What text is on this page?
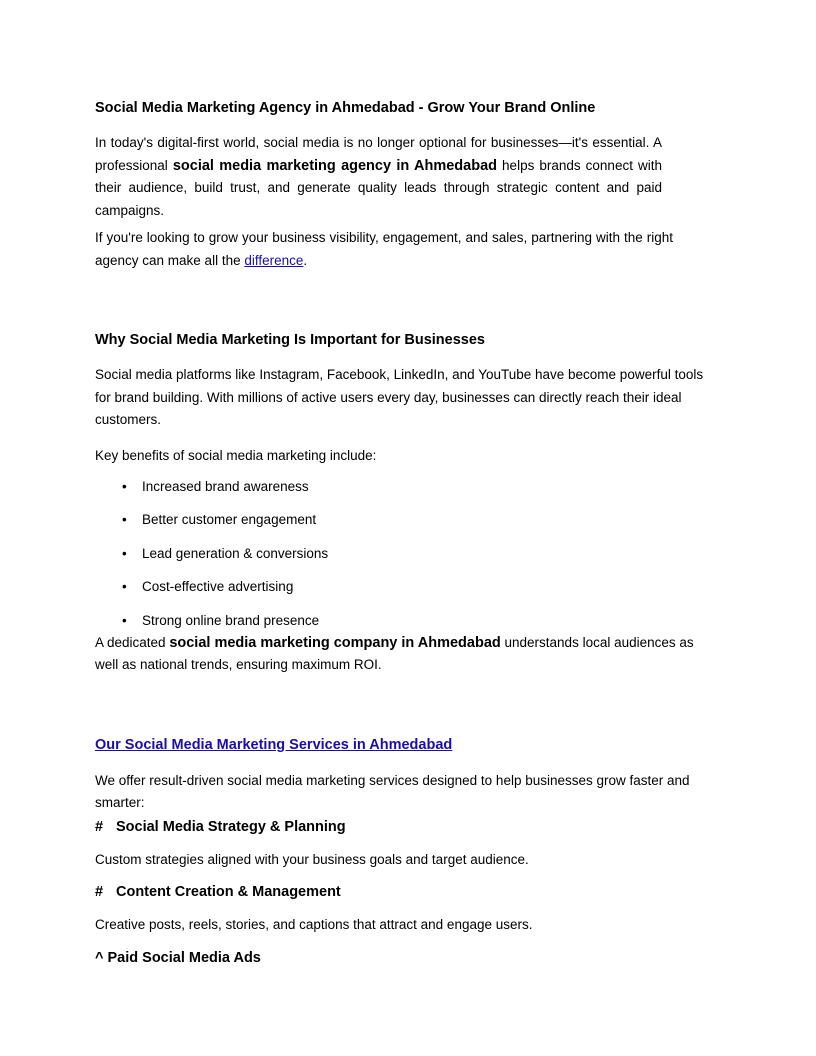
Social Media Marketing Agency in Ahmedabad - Grow Your Brand Online

In today's digital-first world, social media is no longer optional for businesses—it's essential. A professional social media marketing agency in Ahmedabad helps brands connect with their audience, build trust, and generate quality leads through strategic content and paid campaigns.

If you're looking to grow your business visibility, engagement, and sales, partnering with the right agency can make all the difference.

Why Social Media Marketing Is Important for Businesses

Social media platforms like Instagram, Facebook, LinkedIn, and YouTube have become powerful tools for brand building. With millions of active users every day, businesses can directly reach their ideal customers.

Key benefits of social media marketing include:

• Increased brand awareness
• Better customer engagement
• Lead generation & conversions
• Cost-effective advertising
• Strong online brand presence

A dedicated social media marketing company in Ahmedabad understands local audiences as well as national trends, ensuring maximum ROI.

Our Social Media Marketing Services in Ahmedabad

We offer result-driven social media marketing services designed to help businesses grow faster and smarter:

# Social Media Strategy & Planning

Custom strategies aligned with your business goals and target audience.

# Content Creation & Management

Creative posts, reels, stories, and captions that attract and engage users.

^ Paid Social Media Ads
